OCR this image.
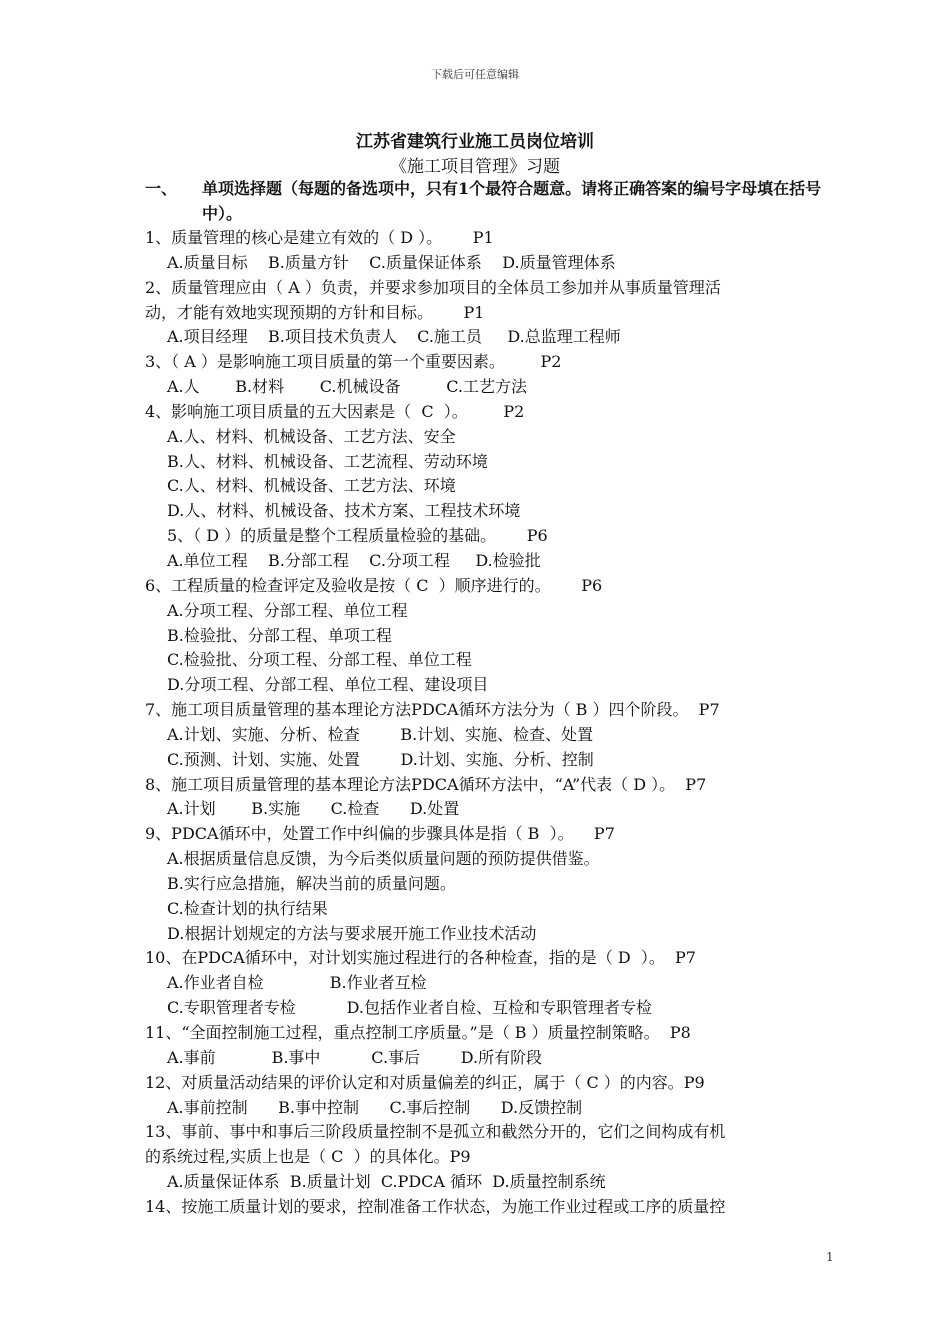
下载后可任意编辑
江苏省建筑行业施工员岗位培训
《施工项目管理》习题
一、 单项选择题（每题的备选项中，只有1个最符合题意。请将正确答案的编号字母填在括号中）。
1、质量管理的核心是建立有效的（ D ）。      P1
A.质量目标    B.质量方针    C.质量保证体系    D.质量管理体系
2、质量管理应由（ A ）负责，并要求参加项目的全体员工参加并从事质量管理活
动，才能有效地实现预期的方针和目标。      P1
A.项目经理    B.项目技术负责人    C.施工员     D.总监理工程师
3、（ A ）是影响施工项目质量的第一个重要因素。       P2
A.人       B.材料       C.机械设备         C.工艺方法
4、影响施工项目质量的五大因素是（  C  ）。       P2
A.人、材料、机械设备、工艺方法、安全
B.人、材料、机械设备、工艺流程、劳动环境
C.人、材料、机械设备、工艺方法、环境
D.人、材料、机械设备、技术方案、工程技术环境
5、（ D ）的质量是整个工程质量检验的基础。      P6
A.单位工程    B.分部工程    C.分项工程     D.检验批
6、工程质量的检查评定及验收是按（ C  ）顺序进行的。      P6
A.分项工程、分部工程、单位工程
B.检验批、分部工程、单项工程
C.检验批、分项工程、分部工程、单位工程
D.分项工程、分部工程、单位工程、建设项目
7、施工项目质量管理的基本理论方法PDCA循环方法分为（ B ）四个阶段。  P7
A.计划、实施、分析、检查        B.计划、实施、检查、处置
C.预测、计划、实施、处置        D.计划、实施、分析、控制
8、施工项目质量管理的基本理论方法PDCA循环方法中，“A”代表（ D ）。  P7
A.计划       B.实施      C.检查      D.处置
9、PDCA循环中，处置工作中纠偏的步骤具体是指（ B  ）。    P7
A.根据质量信息反馈，为今后类似质量问题的预防提供借鉴。
B.实行应急措施，解决当前的质量问题。
C.检查计划的执行结果
D.根据计划规定的方法与要求展开施工作业技术活动
10、在PDCA循环中，对计划实施过程进行的各种检查，指的是（ D  ）。  P7
A.作业者自检             B.作业者互检
C.专职管理者专检          D.包括作业者自检、互检和专职管理者专检
11、“全面控制施工过程，重点控制工序质量。”是（ B ）质量控制策略。  P8
A.事前           B.事中          C.事后        D.所有阶段
12、对质量活动结果的评价认定和对质量偏差的纠正，属于（ C ）的内容。P9
A.事前控制      B.事中控制      C.事后控制      D.反馈控制
13、事前、事中和事后三阶段质量控制不是孤立和截然分开的，它们之间构成有机
的系统过程,实质上也是（ C  ）的具体化。P9
A.质量保证体系  B.质量计划  C.PDCA 循环  D.质量控制系统
14、按施工质量计划的要求，控制准备工作状态，为施工作业过程或工序的质量控
1
